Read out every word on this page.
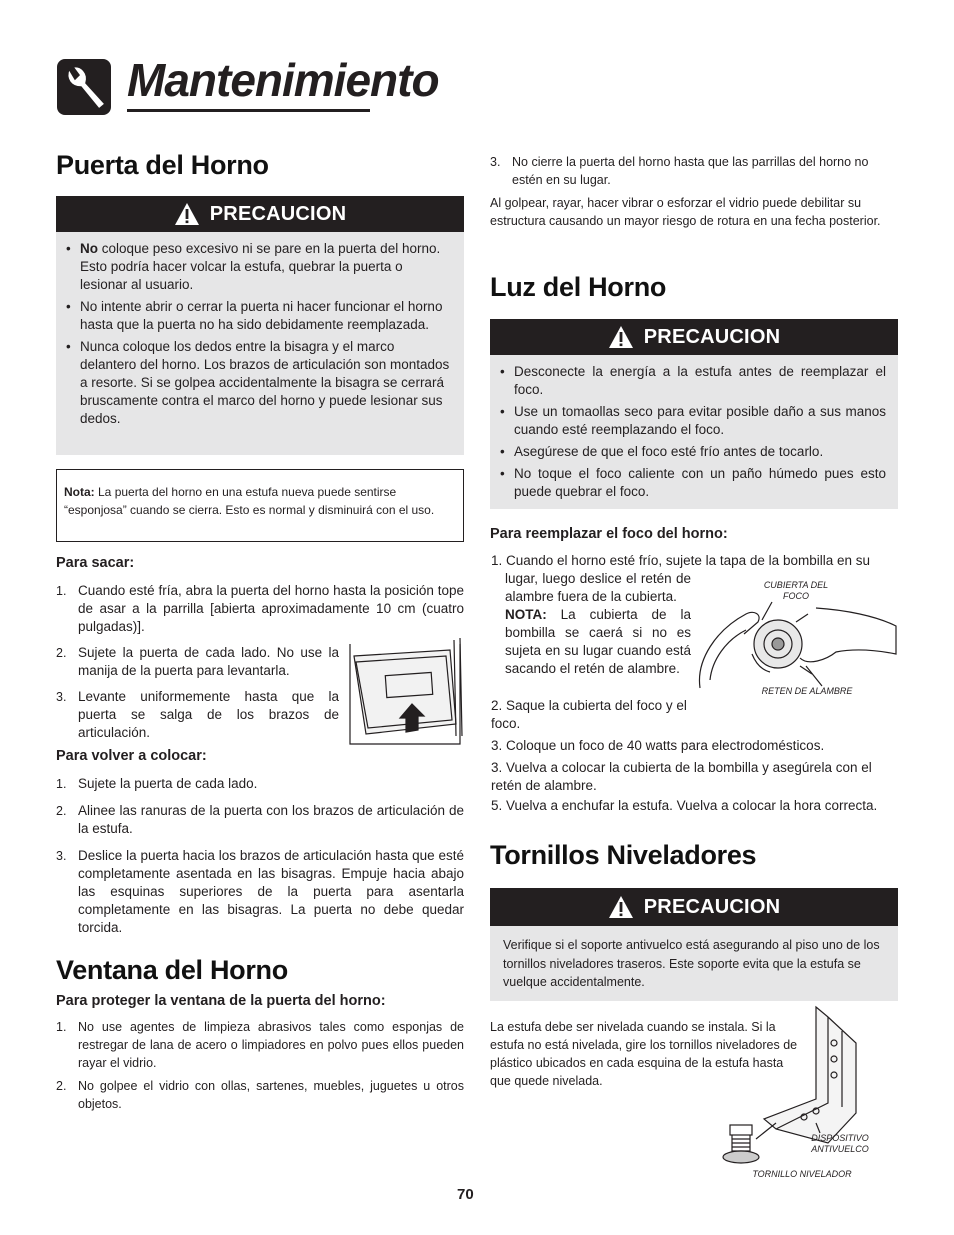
Mantenimiento
Puerta del Horno
PRECAUCION
• No coloque peso excesivo ni se pare en la puerta del horno. Esto podría hacer volcar la estufa, quebrar la puerta o lesionar al usuario.
• No intente abrir o cerrar la puerta ni hacer funcionar el horno hasta que la puerta no ha sido debidamente reemplazada.
• Nunca coloque los dedos entre la bisagra y el marco delantero del horno. Los brazos de articulación son montados a resorte. Si se golpea accidentalmente la bisagra se cerrará bruscamente contra el marco del horno y puede lesionar sus dedos.
Nota: La puerta del horno en una estufa nueva puede sentirse “esponjosa” cuando se cierra. Esto es normal y disminuirá con el uso.
Para sacar:
1. Cuando esté fría, abra la puerta del horno hasta la posición tope de asar a la parrilla [abierta aproximadamente 10 cm (cuatro pulgadas)].
2. Sujete la puerta de cada lado. No use la manija de la puerta para levantarla.
3. Levante uniformemente hasta que la puerta se salga de los brazos de articulación.
Para volver a colocar:
1. Sujete la puerta de cada lado.
2. Alinee las ranuras de la puerta con los brazos de articulación de la estufa.
3. Deslice la puerta hacia los brazos de articulación hasta que esté completamente asentada en las bisagras. Empuje hacia abajo las esquinas superiores de la puerta para asentarla completamente en las bisagras. La puerta no debe quedar torcida.
Ventana del Horno
Para proteger la ventana de la puerta del horno:
1. No use agentes de limpieza abrasivos tales como esponjas de restregar de lana de acero o limpiadores en polvo pues ellos pueden rayar el vidrio.
2. No golpee el vidrio con ollas, sartenes, muebles, juguetes u otros objetos.
3. No cierre la puerta del horno hasta que las parrillas del horno no estén en su lugar.
Al golpear, rayar, hacer vibrar o esforzar el vidrio puede debilitar su estructura causando un mayor riesgo de rotura en una fecha posterior.
Luz del Horno
PRECAUCION
• Desconecte la energía a la estufa antes de reemplazar el foco.
• Use un tomaollas seco para evitar posible daño a sus manos cuando esté reemplazando el foco.
• Asegúrese de que el foco esté frío antes de tocarlo.
• No toque el foco caliente con un paño húmedo pues esto puede quebrar el foco.
Para reemplazar el foco del horno:
1. Cuando el horno esté frío, sujete la tapa de la bombilla en su
lugar, luego deslice el retén de alambre fuera de la cubierta.
NOTA: La cubierta de la bombilla se caerá si no es sujeta en su lugar cuando está sacando el retén de alambre.
2. Saque la cubierta del foco y el foco.
3. Coloque un foco de 40 watts para electrodomésticos.
3. Vuelva a colocar la cubierta de la bombilla y asegúrela con el retén de alambre.
5. Vuelva a enchufar la estufa. Vuelva a colocar la hora correcta.
CUBIERTA DEL FOCO
RETEN DE ALAMBRE
Tornillos Niveladores
PRECAUCION
Verifique si el soporte antivuelco está asegurando al piso uno de los tornillos niveladores traseros. Este soporte evita que la estufa se vuelque accidentalmente.
La estufa debe ser nivelada cuando se instala. Si la estufa no está nivelada, gire los tornillos niveladores de plástico ubicados en cada esquina de la estufa hasta que quede nivelada.
DISPOSITIVO ANTIVUELCO
TORNILLO NIVELADOR
70
